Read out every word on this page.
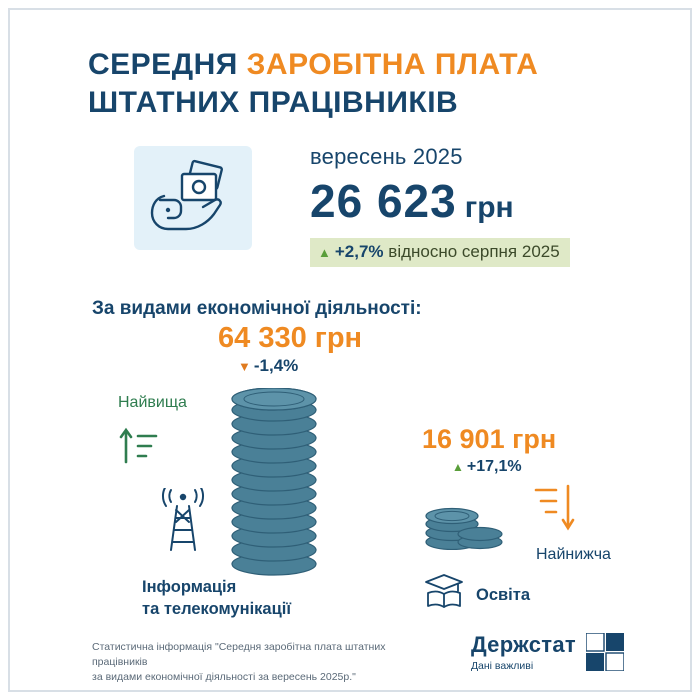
СЕРЕДНЯ ЗАРОБІТНА ПЛАТА
ШТАТНИХ ПРАЦІВНИКІВ
вересень 2025
26 623 грн
▲ +2,7% відносно серпня 2025
За видами економічної діяльності:
64 330 грн
▼ -1,4%
Найвища
Інформація
та телекомунікації
16 901 грн
▲ +17,1%
Найнижча
Освіта
Статистична інформація "Середня заробітна плата штатних працівників
за видами економічної діяльності за вересень 2025р."
Держстат
Дані важливі
